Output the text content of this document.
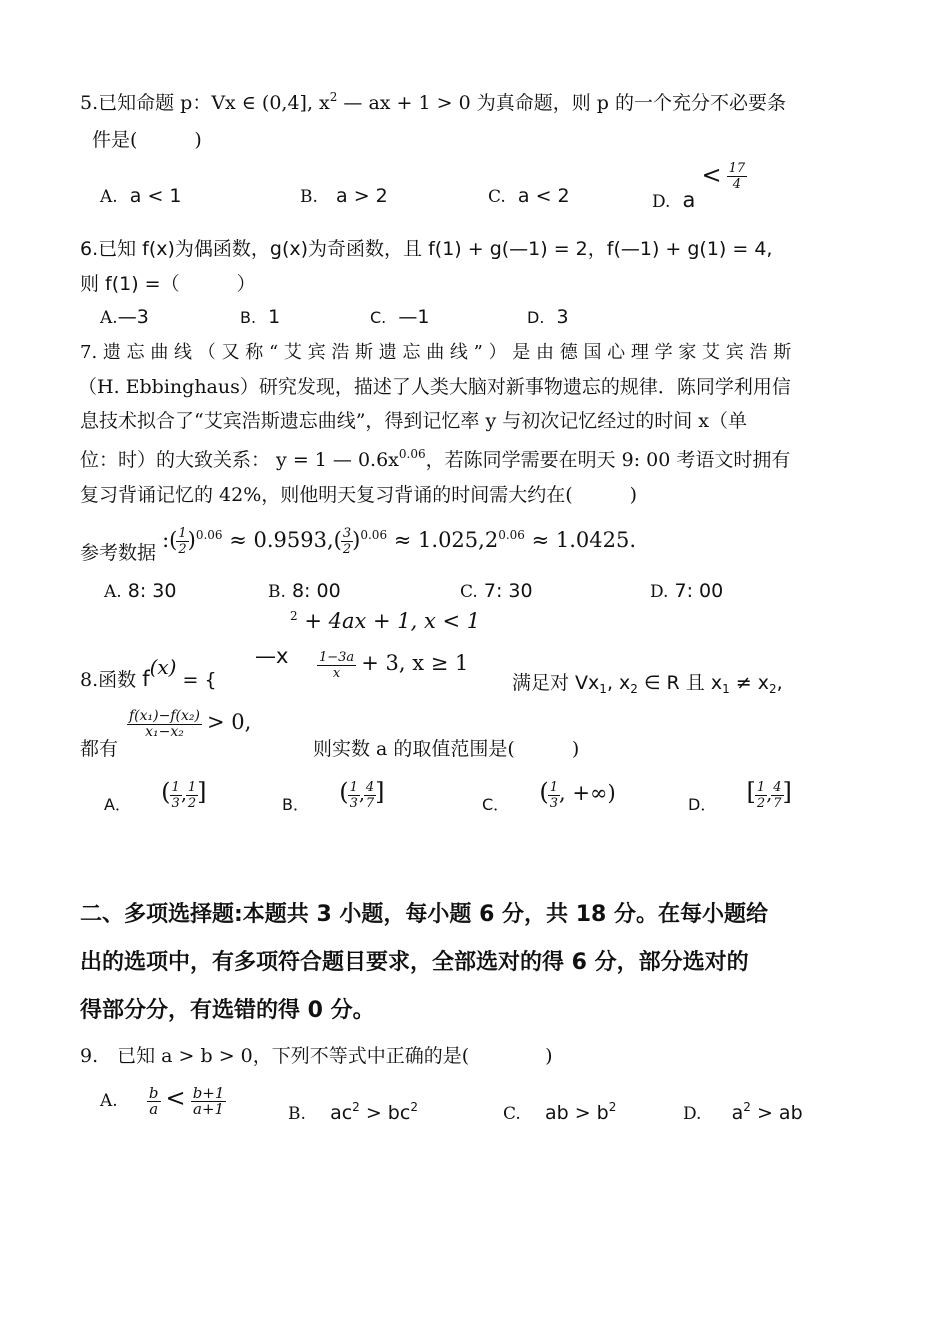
5.已知命题 p：Vx ∈ (0,4], $x^2$ — ax + 1 > 0 为真命题，则 p 的一个充分不必要条
件是(　　　)
A. a < 1	B. a > 2	C. a < 2	D. $a < \frac{17}{4}$
6.已知 f(x)为偶函数，g(x)为奇函数，且 f(1) + g(—1) = 2，f(—1) + g(1) = 4,
则 f(1) =（　　　）
A.—3	B. 1	C. —1	D. 3
7. 遗 忘 曲 线 （ 又 称 “ 艾 宾 浩 斯 遗 忘 曲 线 ” ） 是 由 德 国 心 理 学 家 艾 宾 浩 斯
（H. Ebbinghaus）研究发现，描述了人类大脑对新事物遗忘的规律．陈同学利用信
息技术拟合了“艾宾浩斯遗忘曲线”，得到记忆率 y 与初次记忆经过的时间 x（单
位：时）的大致关系： y = 1 — $0.6x^{0.06}$，若陈同学需要在明天 9: 00 考语文时拥有
复习背诵记忆的 42%，则他明天复习背诵的时间需大约在(　　　)
参考数据 :( $\frac{1}{2} )^{0.06} \approx 0.9593,( \frac{3}{2} )^{0.06} \approx 1.025,2^{0.06} \approx 1.0425$.
A. 8: 30	B. 8: 00	C. 7: 30	D. 7: 00
$^2$ + 4ax + 1, x < 1
8.函数 f(x) = {
—x $\frac{1-3a}{x} + 3$, x ≥ 1
满足对 $Vx_1$, $x_2$ ∈ R 且 $x_1 \ne x_2$,
$\frac{\text{f(x₁)−f(x₂)}}{\text{x₁−x₂}} > 0$,
都有	则实数 a 的取值范围是(　　　)
$_{A.}$ ( $\frac{1}{3}$ , $\frac{1}{2}$ ]	$_{B.}$ ( $\frac{1}{3}$ , $\frac{4}{7}$ ]	$_{C.}$ ( $\frac{1}{3}$ , +∞)	$_{D.}$ [ $\frac{1}{2}$ , $\frac{4}{7}$ ]
二、多项选择题:本题共 3 小题，每小题 6 分，共 18 分。在每小题给
出的选项中，有多项符合题目要求，全部选对的得 6 分，部分选对的
得部分分，有选错的得 0 分。
9.　已知 a > b > 0，下列不等式中正确的是(　　　　)
A. $\frac{b}{a} < \frac{b+1}{a+1}$	B. $ac^2 > bc^2$	C. ab > $b^2$	D. $a^2$ > ab
